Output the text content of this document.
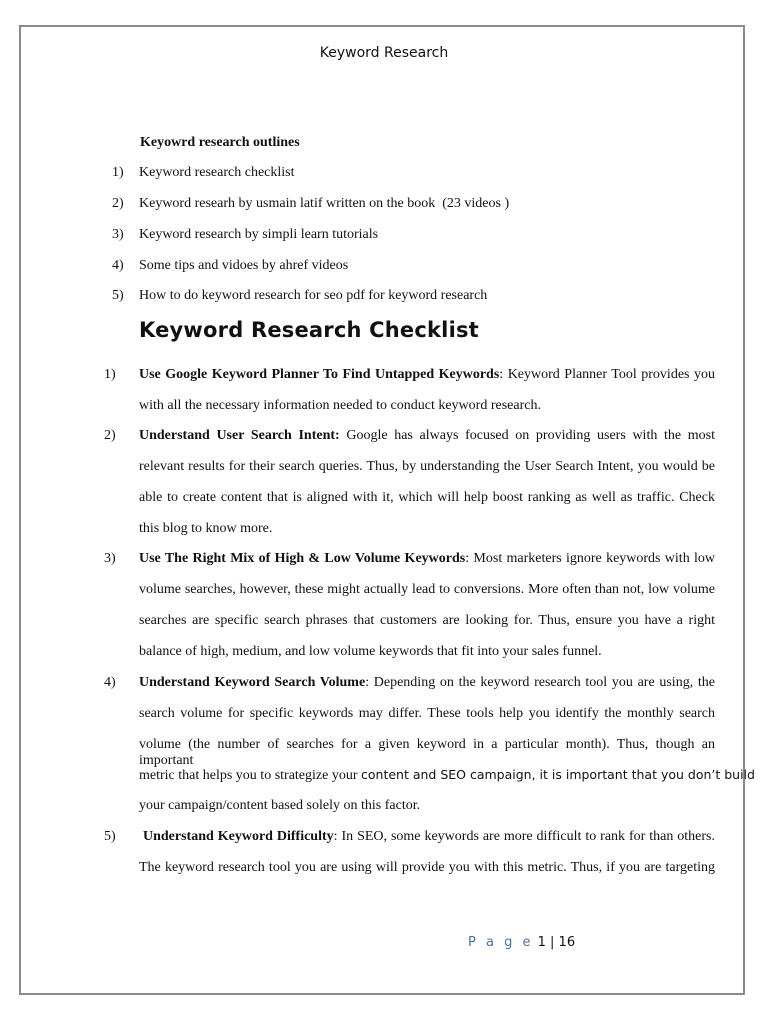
Keyword Research
Keyowrd research outlines
1) Keyword research checklist
2) Keyword researh by usmain latif written on the book  (23 videos )
3) Keyword research by simpli learn tutorials
4) Some tips and vidoes by ahref videos
5) How to do keyword research for seo pdf for keyword research
Keyword Research Checklist
1) Use Google Keyword Planner To Find Untapped Keywords: Keyword Planner Tool provides you
with all the necessary information needed to conduct keyword research.
2) Understand User Search Intent: Google has always focused on providing users with the most
relevant results for their search queries. Thus, by understanding the User Search Intent, you would be
able to create content that is aligned with it, which will help boost ranking as well as traffic. Check
this blog to know more.
3) Use The Right Mix of High & Low Volume Keywords: Most marketers ignore keywords with low
volume searches, however, these might actually lead to conversions. More often than not, low volume
searches are specific search phrases that customers are looking for. Thus, ensure you have a right
balance of high, medium, and low volume keywords that fit into your sales funnel.
4) Understand Keyword Search Volume: Depending on the keyword research tool you are using, the
search volume for specific keywords may differ. These tools help you identify the monthly search
volume (the number of searches for a given keyword in a particular month). Thus, though an important
metric that helps you to strategize your content and SEO campaign, it is important that you don’t build
your campaign/content based solely on this factor.
5) Understand Keyword Difficulty: In SEO, some keywords are more difficult to rank for than others.
The keyword research tool you are using will provide you with this metric. Thus, if you are targeting
P a g e 1 | 16
